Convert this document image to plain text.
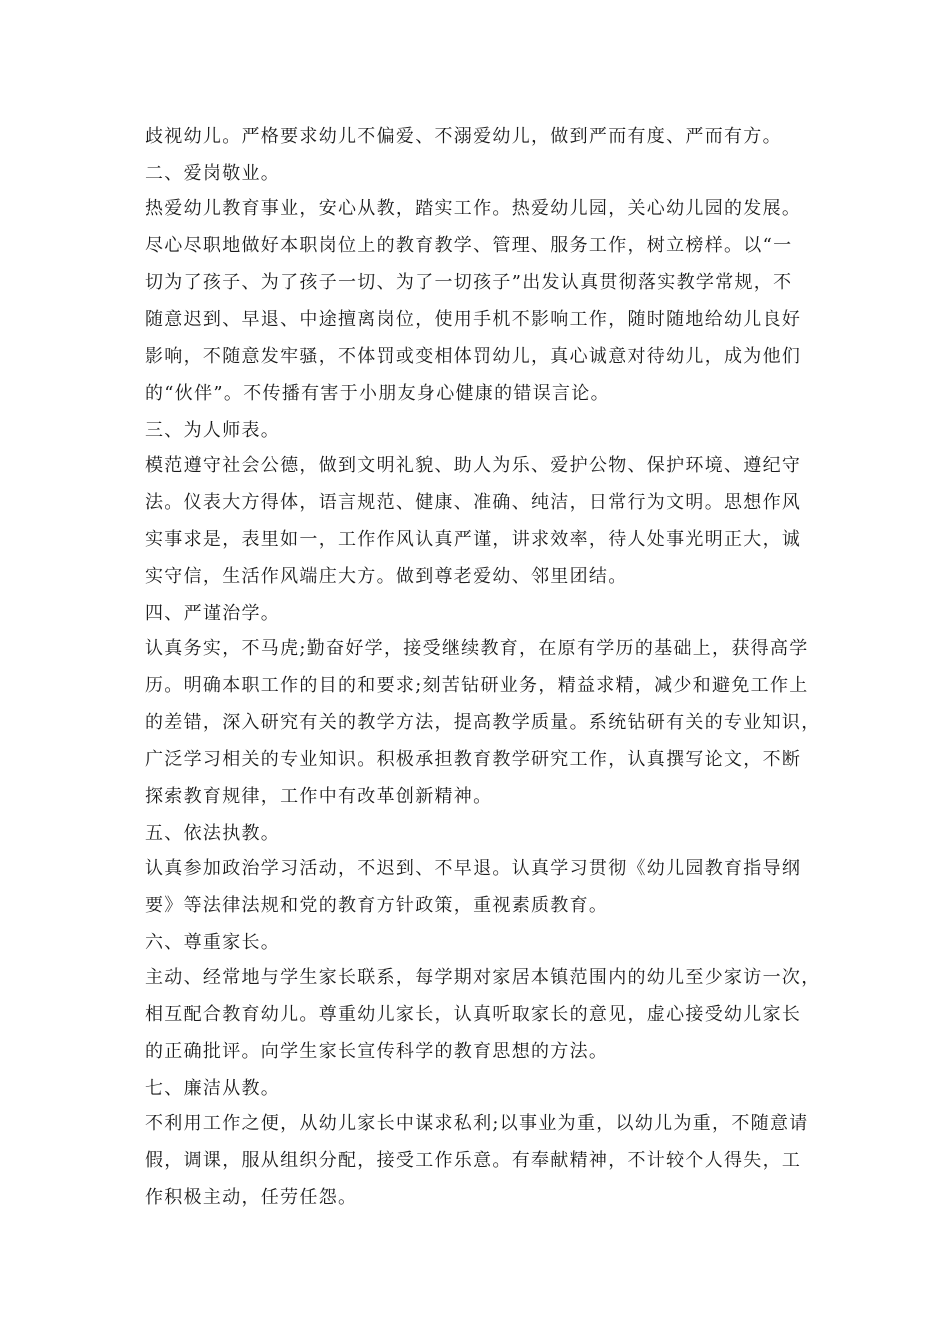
歧视幼儿。严格要求幼儿不偏爱、不溺爱幼儿，做到严而有度、严而有方。
二、爱岗敬业。
热爱幼儿教育事业，安心从教，踏实工作。热爱幼儿园，关心幼儿园的发展。
尽心尽职地做好本职岗位上的教育教学、管理、服务工作，树立榜样。以“一
切为了孩子、为了孩子一切、为了一切孩子”出发认真贯彻落实教学常规，不
随意迟到、早退、中途擅离岗位，使用手机不影响工作，随时随地给幼儿良好
影响，不随意发牢骚，不体罚或变相体罚幼儿，真心诚意对待幼儿，成为他们
的“伙伴”。不传播有害于小朋友身心健康的错误言论。
三、为人师表。
模范遵守社会公德，做到文明礼貌、助人为乐、爱护公物、保护环境、遵纪守
法。仪表大方得体，语言规范、健康、准确、纯洁，日常行为文明。思想作风
实事求是，表里如一，工作作风认真严谨，讲求效率，待人处事光明正大，诚
实守信，生活作风端庄大方。做到尊老爱幼、邻里团结。
四、严谨治学。
认真务实，不马虎;勤奋好学，接受继续教育，在原有学历的基础上，获得高学
历。明确本职工作的目的和要求;刻苦钻研业务，精益求精，减少和避免工作上
的差错，深入研究有关的教学方法，提高教学质量。系统钻研有关的专业知识，
广泛学习相关的专业知识。积极承担教育教学研究工作，认真撰写论文，不断
探索教育规律，工作中有改革创新精神。
五、依法执教。
认真参加政治学习活动，不迟到、不早退。认真学习贯彻《幼儿园教育指导纲
要》等法律法规和党的教育方针政策，重视素质教育。
六、尊重家长。
主动、经常地与学生家长联系，每学期对家居本镇范围内的幼儿至少家访一次，
相互配合教育幼儿。尊重幼儿家长，认真听取家长的意见，虚心接受幼儿家长
的正确批评。向学生家长宣传科学的教育思想的方法。
七、廉洁从教。
不利用工作之便，从幼儿家长中谋求私利;以事业为重，以幼儿为重，不随意请
假，调课，服从组织分配，接受工作乐意。有奉献精神，不计较个人得失，工
作积极主动，任劳任怨。
